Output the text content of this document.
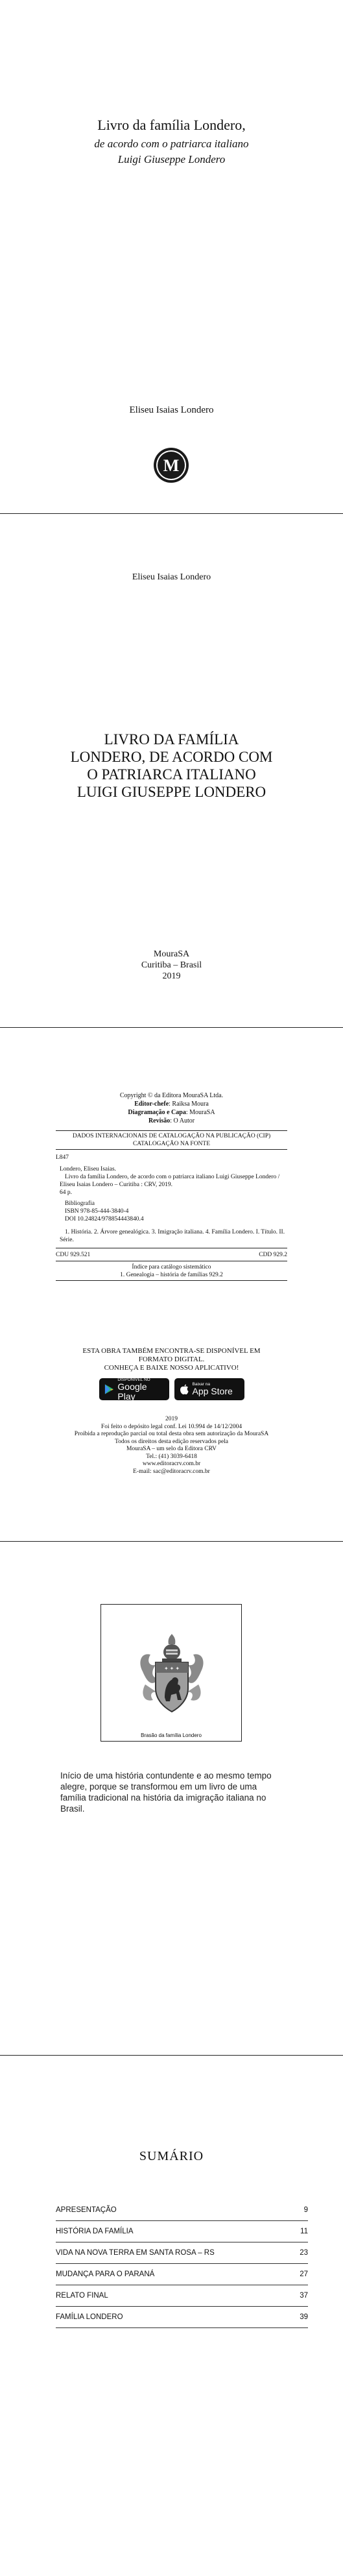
Livro da família Londero,
de acordo com o patriarca italiano
Luigi Giuseppe Londero
Eliseu Isaias Londero
M
Eliseu Isaias Londero
LIVRO DA FAMÍLIA
LONDERO, DE ACORDO COM
O PATRIARCA ITALIANO
LUIGI GIUSEPPE LONDERO
MouraSA
Curitiba – Brasil
2019
Copyright © da Editora MouraSA Ltda.
Editor-chefe: Raiksa Moura
Diagramação e Capa: MouraSA
Revisão: O Autor
DADOS INTERNACIONAIS DE CATALOGAÇÃO NA PUBLICAÇÃO (CIP)
CATALOGAÇÃO NA FONTE
L847
Londero, Eliseu Isaias.
Livro da família Londero, de acordo com o patriarca italiano Luigi Giuseppe Londero / Eliseu Isaias Londero – Curitiba : CRV, 2019.
64 p.
Bibliografia
ISBN 978-85-444-3840-4
DOI 10.24824/978854443840.4
1. História. 2. Árvore genealógica. 3. Imigração italiana. 4. Família Londero. I. Título. II. Série.
CDU 929.521	CDD 929.2
Índice para catálogo sistemático
1. Genealogia – história de famílias 929.2
ESTA OBRA TAMBÉM ENCONTRA-SE DISPONÍVEL EM
FORMATO DIGITAL.
CONHEÇA E BAIXE NOSSO APLICATIVO!
DISPONÍVEL NO
Google Play
Baixar na
App Store
2019
Foi feito o depósito legal conf. Lei 10.994 de 14/12/2004
Proibida a reprodução parcial ou total desta obra sem autorização da MouraSA
Todos os direitos desta edição reservados pela
MouraSA – um selo da Editora CRV
Tel.: (41) 3039-6418
www.editoracrv.com.br
E-mail: sac@editoracrv.com.br
✦ ✦ ✦
Brasão da família Londero
Início de uma história contundente e ao mesmo tempo alegre, porque se transformou em um livro de uma família tradicional na história da imigração italiana no Brasil.
SUMÁRIO
APRESENTAÇÃO	9
HISTÓRIA DA FAMÍLIA	11
VIDA NA NOVA TERRA EM SANTA ROSA – RS	23
MUDANÇA PARA O PARANÁ	27
RELATO FINAL	37
FAMÍLIA LONDERO	39
